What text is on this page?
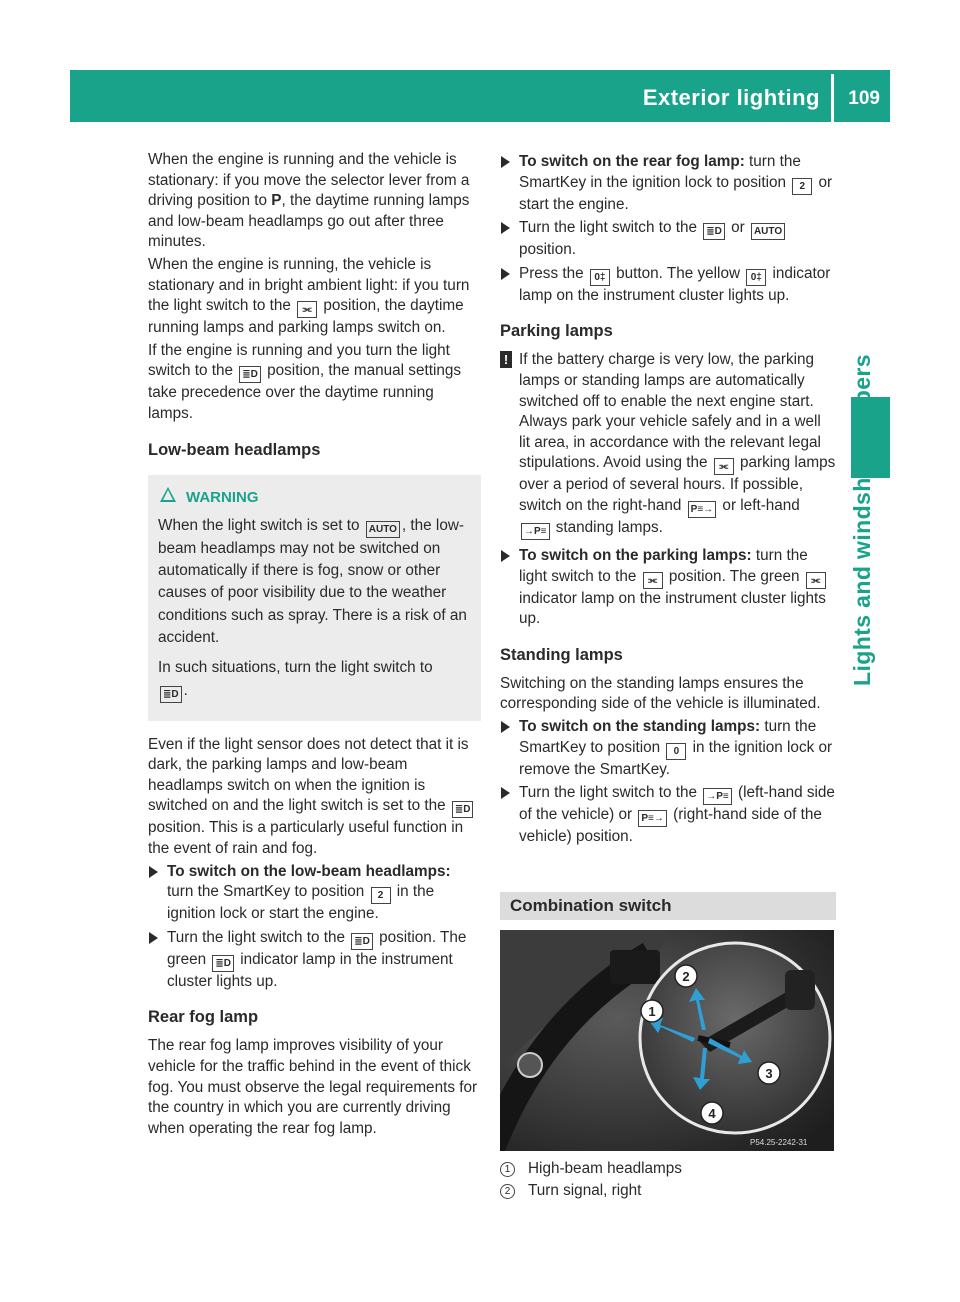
Exterior lighting 109
Lights and windshield wipers

When the engine is running and the vehicle is stationary: if you move the selector lever from a driving position to P, the daytime running lamps and low-beam headlamps go out after three minutes.

When the engine is running, the vehicle is stationary and in bright ambient light: if you turn the light switch to the ⫘ position, the daytime running lamps and parking lamps switch on.

If the engine is running and you turn the light switch to the ≣D position, the manual settings take precedence over the daytime running lamps.

Low-beam headlamps
WARNING

When the light switch is set to AUTO , the low-beam headlamps may not be switched on automatically if there is fog, snow or other causes of poor visibility due to the weather conditions such as spray. There is a risk of an accident.

In such situations, turn the light switch to
≣D .

Even if the light sensor does not detect that it is dark, the parking lamps and low-beam headlamps switch on when the ignition is switched on and the light switch is set to the ≣D position. This is a particularly useful function in the event of rain and fog.

To switch on the low-beam headlamps: turn the SmartKey to position 2 in the ignition lock or start the engine.
Turn the light switch to the ≣D position. The green ≣D indicator lamp in the instrument cluster lights up.
Rear fog lamp

The rear fog lamp improves visibility of your vehicle for the traffic behind in the event of thick fog. You must observe the legal requirements for the country in which you are currently driving when operating the rear fog lamp.

To switch on the rear fog lamp: turn the SmartKey in the ignition lock to position 2 or start the engine.
Turn the light switch to the ≣D or AUTO position.
Press the 0‡ button. The yellow 0‡ indicator lamp on the instrument cluster lights up.
Parking lamps
! If the battery charge is very low, the parking lamps or standing lamps are automatically switched off to enable the next engine start. Always park your vehicle safely and in a well lit area, in accordance with the relevant legal stipulations. Avoid using the ⫘ parking lamps over a period of several hours. If possible, switch on the right-hand P≡→ or left-hand →P≡ standing lamps.
To switch on the parking lamps: turn the light switch to the ⫘ position. The green ⫘ indicator lamp on the instrument cluster lights up.
Standing lamps

Switching on the standing lamps ensures the corresponding side of the vehicle is illuminated.

To switch on the standing lamps: turn the SmartKey to position 0 in the ignition lock or remove the SmartKey.
Turn the light switch to the →P≡ (left-hand side of the vehicle) or P≡→ (right-hand side of the vehicle) position.
Combination switch
1
2
3
4
P54.25-2242-31
1	High-beam headlamps
2	Turn signal, right
